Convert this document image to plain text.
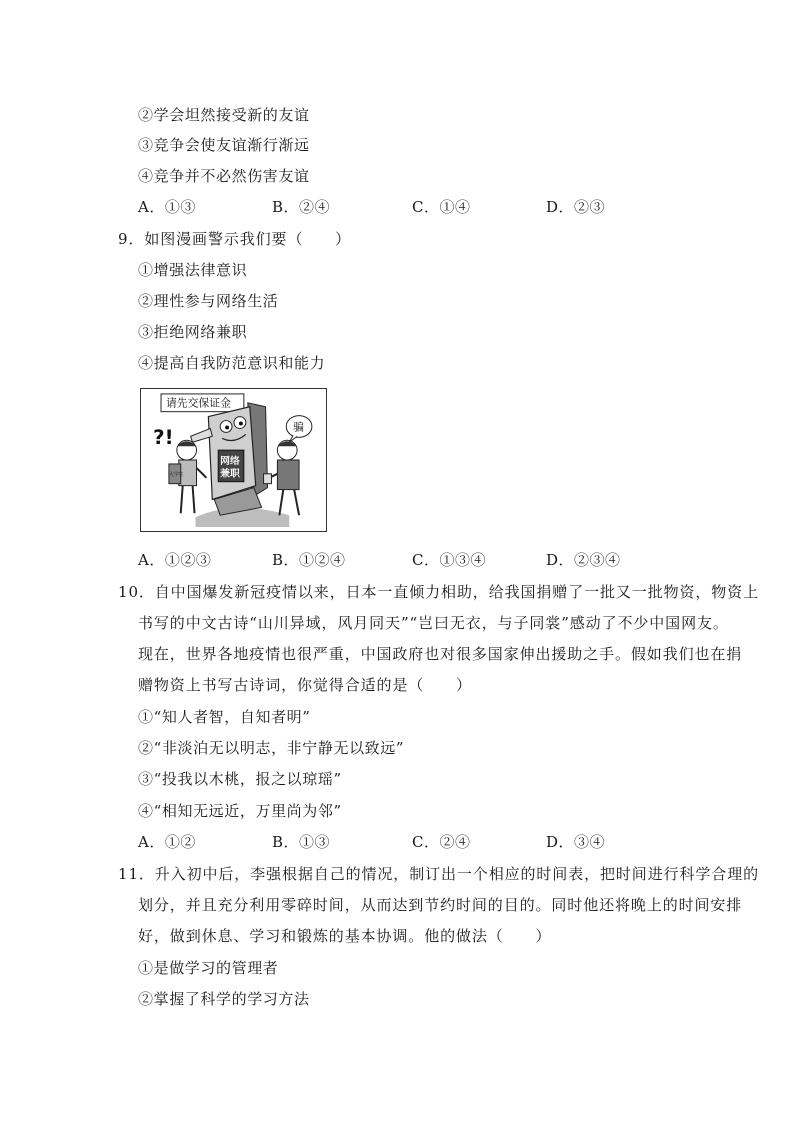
②学会坦然接受新的友谊
③竞争会使友谊渐行渐远
④竞争并不必然伤害友谊
A．①③	B．②④	C．①④	D．②③
9．如图漫画警示我们要（　　）
①增强法律意识
②理性参与网络生活
③拒绝网络兼职
④提高自我防范意识和能力
请先交保证金
网络
兼职
大学生
?!	骗
A．①②③	B．①②④	C．①③④	D．②③④
10．自中国爆发新冠疫情以来，日本一直倾力相助，给我国捐赠了一批又一批物资，物资上
书写的中文古诗“山川异域，风月同天”“岂曰无衣，与子同裳”感动了不少中国网友。
现在，世界各地疫情也很严重，中国政府也对很多国家伸出援助之手。假如我们也在捐
赠物资上书写古诗词，你觉得合适的是（　　）
①“知人者智，自知者明”
②“非淡泊无以明志，非宁静无以致远”
③“投我以木桃，报之以琼瑶”
④“相知无远近，万里尚为邻”
A．①②	B．①③	C．②④	D．③④
11．升入初中后，李强根据自己的情况，制订出一个相应的时间表，把时间进行科学合理的
划分，并且充分利用零碎时间，从而达到节约时间的目的。同时他还将晚上的时间安排
好，做到休息、学习和锻炼的基本协调。他的做法（　　）
①是做学习的管理者
②掌握了科学的学习方法
